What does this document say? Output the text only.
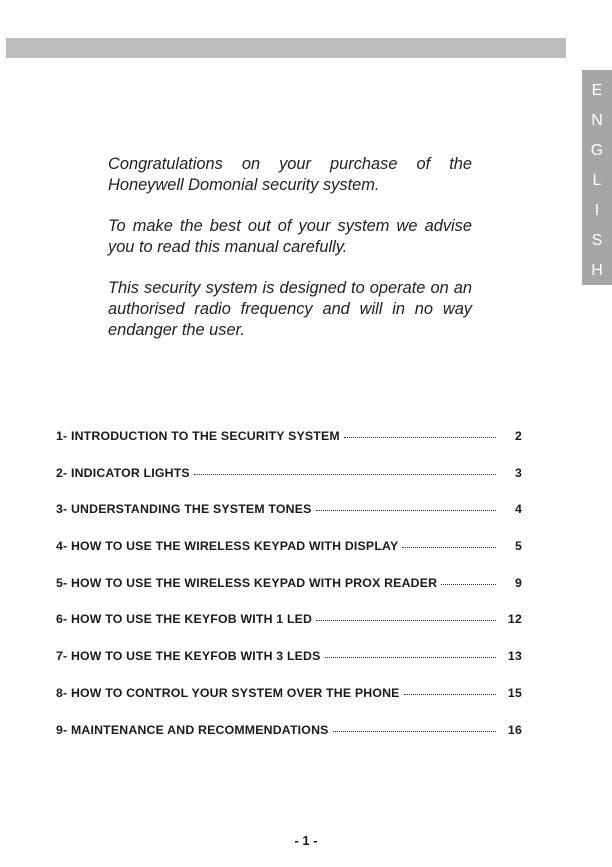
E
N
G
L
I
S
H

Congratulations on your purchase of the Honeywell Domonial security system.

To make the best out of your system we advise you to read this manual carefully.

This security system is designed to operate on an authorised radio frequency and will in no way endanger the user.

1- INTRODUCTION TO THE SECURITY SYSTEM	2
2- INDICATOR LIGHTS	3
3- UNDERSTANDING THE SYSTEM TONES	4
4- HOW TO USE THE WIRELESS KEYPAD WITH DISPLAY	5
5- HOW TO USE THE WIRELESS KEYPAD WITH PROX READER	9
6- HOW TO USE THE KEYFOB WITH 1 LED	12
7- HOW TO USE THE KEYFOB WITH 3 LEDS	13
8- HOW TO CONTROL YOUR SYSTEM OVER THE PHONE	15
9- MAINTENANCE AND RECOMMENDATIONS	16
- 1 -
